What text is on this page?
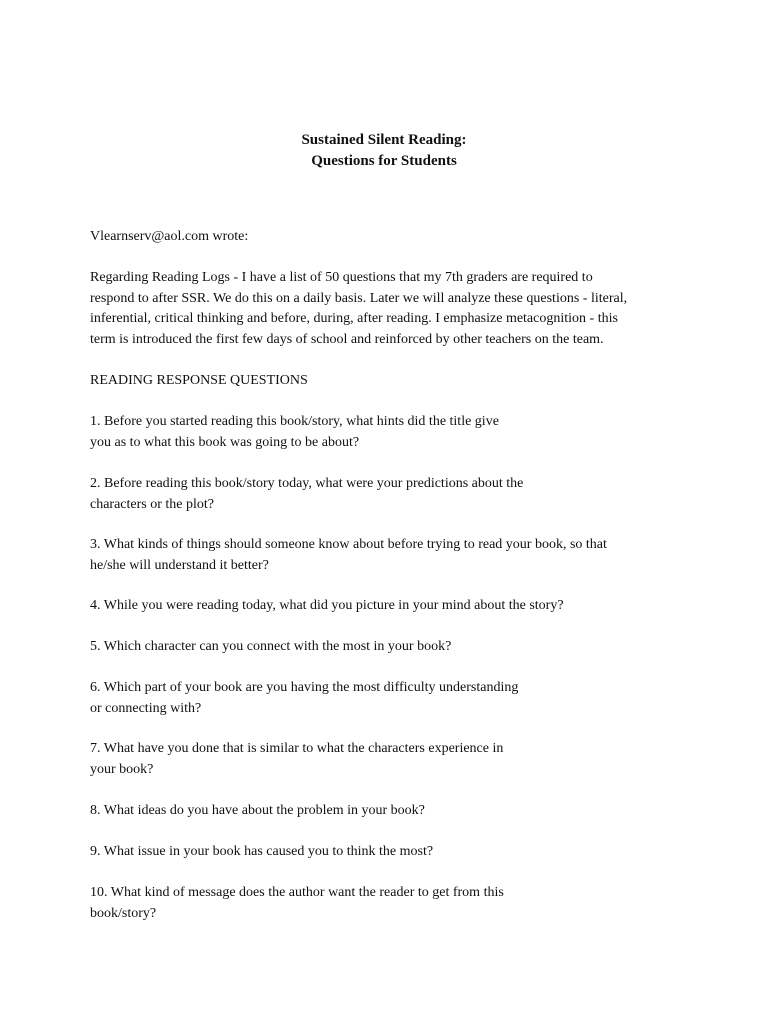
Sustained Silent Reading:
Questions for Students
Vlearnserv@aol.com wrote:
Regarding Reading Logs - I have a list of 50 questions that my 7th graders are required to
respond to after SSR. We do this on a daily basis. Later we will analyze these questions - literal,
inferential, critical thinking and before, during, after reading. I emphasize metacognition - this
term is introduced the first few days of school and reinforced by other teachers on the team.
READING RESPONSE QUESTIONS
1. Before you started reading this book/story, what hints did the title give
you as to what this book was going to be about?
2. Before reading this book/story today, what were your predictions about the
characters or the plot?
3. What kinds of things should someone know about before trying to read your book, so that
he/she will understand it better?
4. While you were reading today, what did you picture in your mind about the story?
5. Which character can you connect with the most in your book?
6. Which part of your book are you having the most difficulty understanding
or connecting with?
7. What have you done that is similar to what the characters experience in
your book?
8. What ideas do you have about the problem in your book?
9. What issue in your book has caused you to think the most?
10. What kind of message does the author want the reader to get from this
book/story?
